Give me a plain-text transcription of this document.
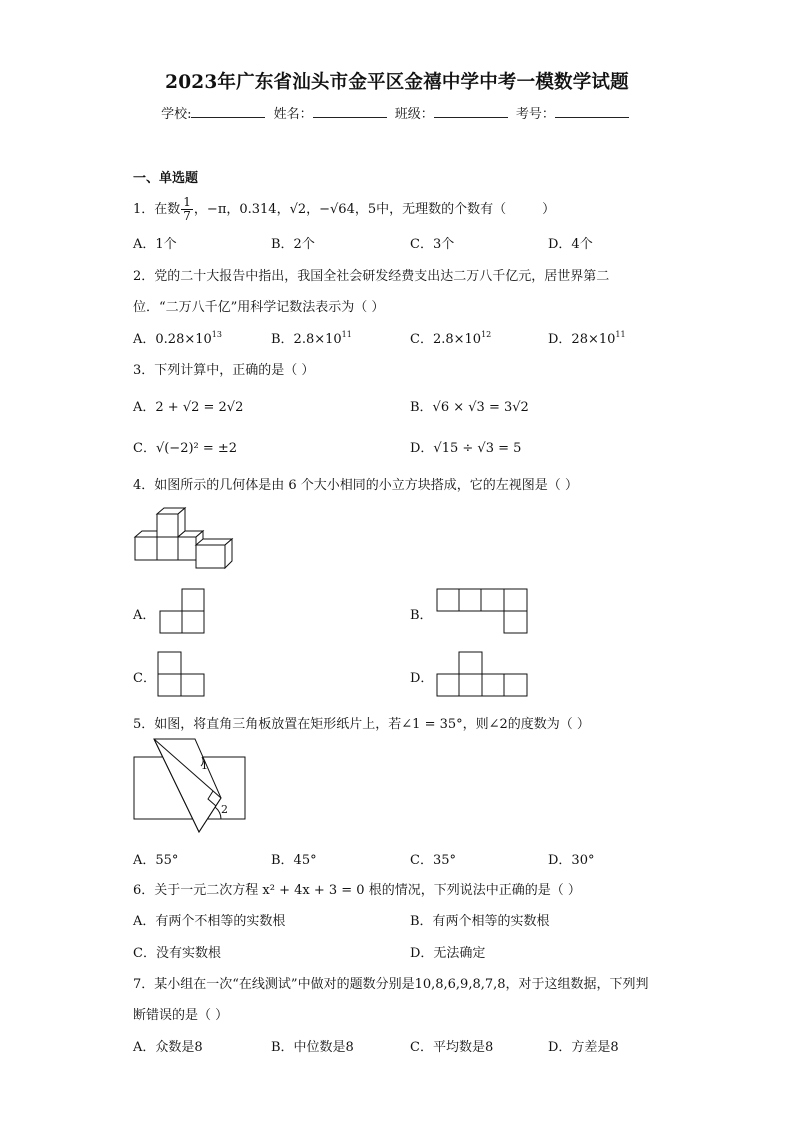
2023年广东省汕头市金平区金禧中学中考一模数学试题
学校:	姓名：	班级：	考号：
一、单选题
1．在数 $\frac{1}{7}$ ，−π，0.314，√2，−√64，5中，无理数的个数有（	）
A．1个	B．2个	C．3个	D．4个
2．党的二十大报告中指出，我国全社会研发经费支出达二万八千亿元，居世界第二
位．“二万八千亿”用科学记数法表示为（ ）
A．$0.28\times 10^{13}$	B．$2.8\times 10^{11}$	C．$2.8\times 10^{12}$	D．$28\times 10^{11}$
3．下列计算中，正确的是（ ）
A．2 + √2 = 2√2	B．√6 × √3 = 3√2
C．√(−2)² = ±2	D．√15 ÷ √3 = 5
4．如图所示的几何体是由 6 个大小相同的小立方块搭成，它的左视图是（ ）
A．	B．
C．	D．
5．如图，将直角三角板放置在矩形纸片上，若∠1 = 35°，则∠2的度数为（ ）
1
2
A．55°	B．45°	C．35°	D．30°
6．关于一元二次方程 x² + 4x + 3 = 0 根的情况，下列说法中正确的是（ ）
A．有两个不相等的实数根	B．有两个相等的实数根
C．没有实数根	D．无法确定
7．某小组在一次“在线测试”中做对的题数分别是10,8,6,9,8,7,8，对于这组数据，下列判
断错误的是（ ）
A．众数是8	B．中位数是8	C．平均数是8	D．方差是8
